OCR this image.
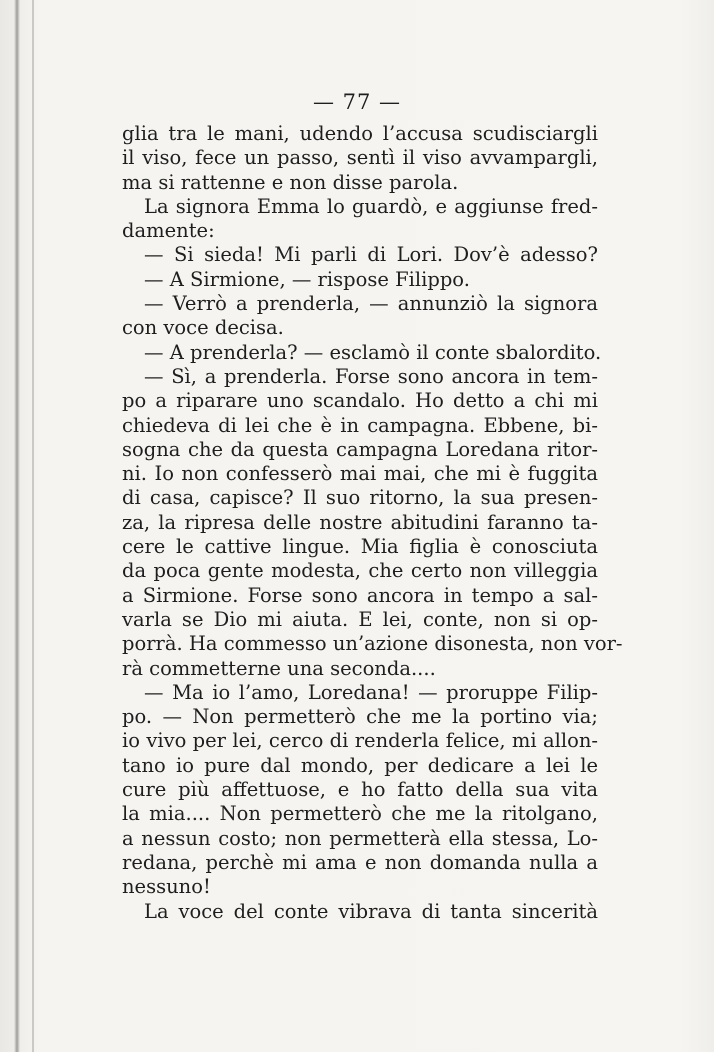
— 77 —
glia tra le mani, udendo l’accusa scudisciargli
il viso, fece un passo, sentì il viso avvampargli,
ma si rattenne e non disse parola.
La signora Emma lo guardò, e aggiunse fred-
damente:
— Si sieda! Mi parli di Lori. Dov’è adesso?
— A Sirmione, — rispose Filippo.
— Verrò a prenderla, — annunziò la signora
con voce decisa.
— A prenderla? — esclamò il conte sbalordito.
— Sì, a prenderla. Forse sono ancora in tem-
po a riparare uno scandalo. Ho detto a chi mi
chiedeva di lei che è in campagna. Ebbene, bi-
sogna che da questa campagna Loredana ritor-
ni. Io non confesserò mai mai, che mi è fuggita
di casa, capisce? Il suo ritorno, la sua presen-
za, la ripresa delle nostre abitudini faranno ta-
cere le cattive lingue. Mia figlia è conosciuta
da poca gente modesta, che certo non villeggia
a Sirmione. Forse sono ancora in tempo a sal-
varla se Dio mi aiuta. E lei, conte, non si op-
porrà. Ha commesso un’azione disonesta, non vor-
rà commetterne una seconda....
— Ma io l’amo, Loredana! — proruppe Filip-
po. — Non permetterò che me la portino via;
io vivo per lei, cerco di renderla felice, mi allon-
tano io pure dal mondo, per dedicare a lei le
cure più affettuose, e ho fatto della sua vita
la mia.... Non permetterò che me la ritolgano,
a nessun costo; non permetterà ella stessa, Lo-
redana, perchè mi ama e non domanda nulla a
nessuno!
La voce del conte vibrava di tanta sincerità
